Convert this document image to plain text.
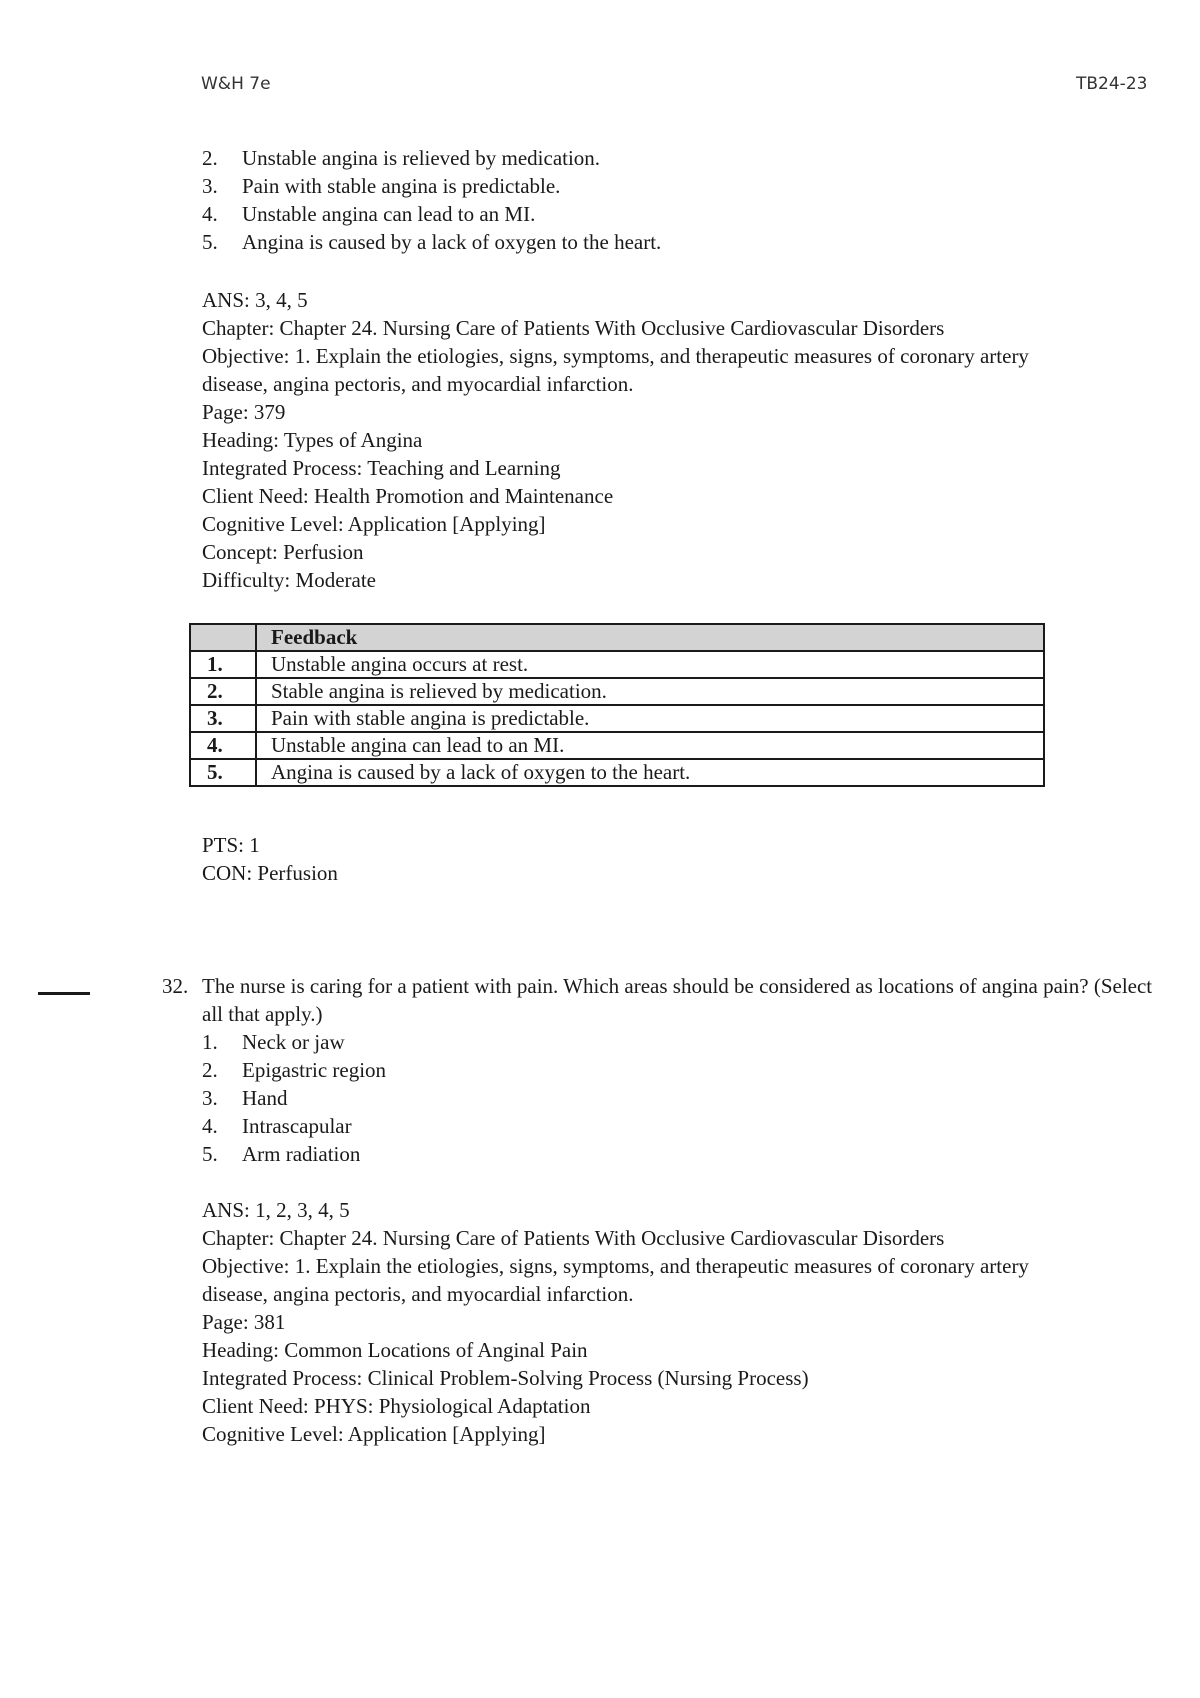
W&H 7e	TB24-23
2.	Unstable angina is relieved by medication.
3.	Pain with stable angina is predictable.
4.	Unstable angina can lead to an MI.
5.	Angina is caused by a lack of oxygen to the heart.
ANS: 3, 4, 5
Chapter: Chapter 24. Nursing Care of Patients With Occlusive Cardiovascular Disorders
Objective: 1. Explain the etiologies, signs, symptoms, and therapeutic measures of coronary artery
disease, angina pectoris, and myocardial infarction.
Page: 379
Heading: Types of Angina
Integrated Process: Teaching and Learning
Client Need: Health Promotion and Maintenance
Cognitive Level: Application [Applying]
Concept: Perfusion
Difficulty: Moderate
	Feedback
1.	Unstable angina occurs at rest.
2.	Stable angina is relieved by medication.
3.	Pain with stable angina is predictable.
4.	Unstable angina can lead to an MI.
5.	Angina is caused by a lack of oxygen to the heart.
PTS: 1
CON: Perfusion
32. The nurse is caring for a patient with pain. Which areas should be considered as locations of angina pain? (Select all that apply.)
1.	Neck or jaw
2.	Epigastric region
3.	Hand
4.	Intrascapular
5.	Arm radiation
ANS: 1, 2, 3, 4, 5
Chapter: Chapter 24. Nursing Care of Patients With Occlusive Cardiovascular Disorders
Objective: 1. Explain the etiologies, signs, symptoms, and therapeutic measures of coronary artery
disease, angina pectoris, and myocardial infarction.
Page: 381
Heading: Common Locations of Anginal Pain
Integrated Process: Clinical Problem-Solving Process (Nursing Process)
Client Need: PHYS: Physiological Adaptation
Cognitive Level: Application [Applying]
